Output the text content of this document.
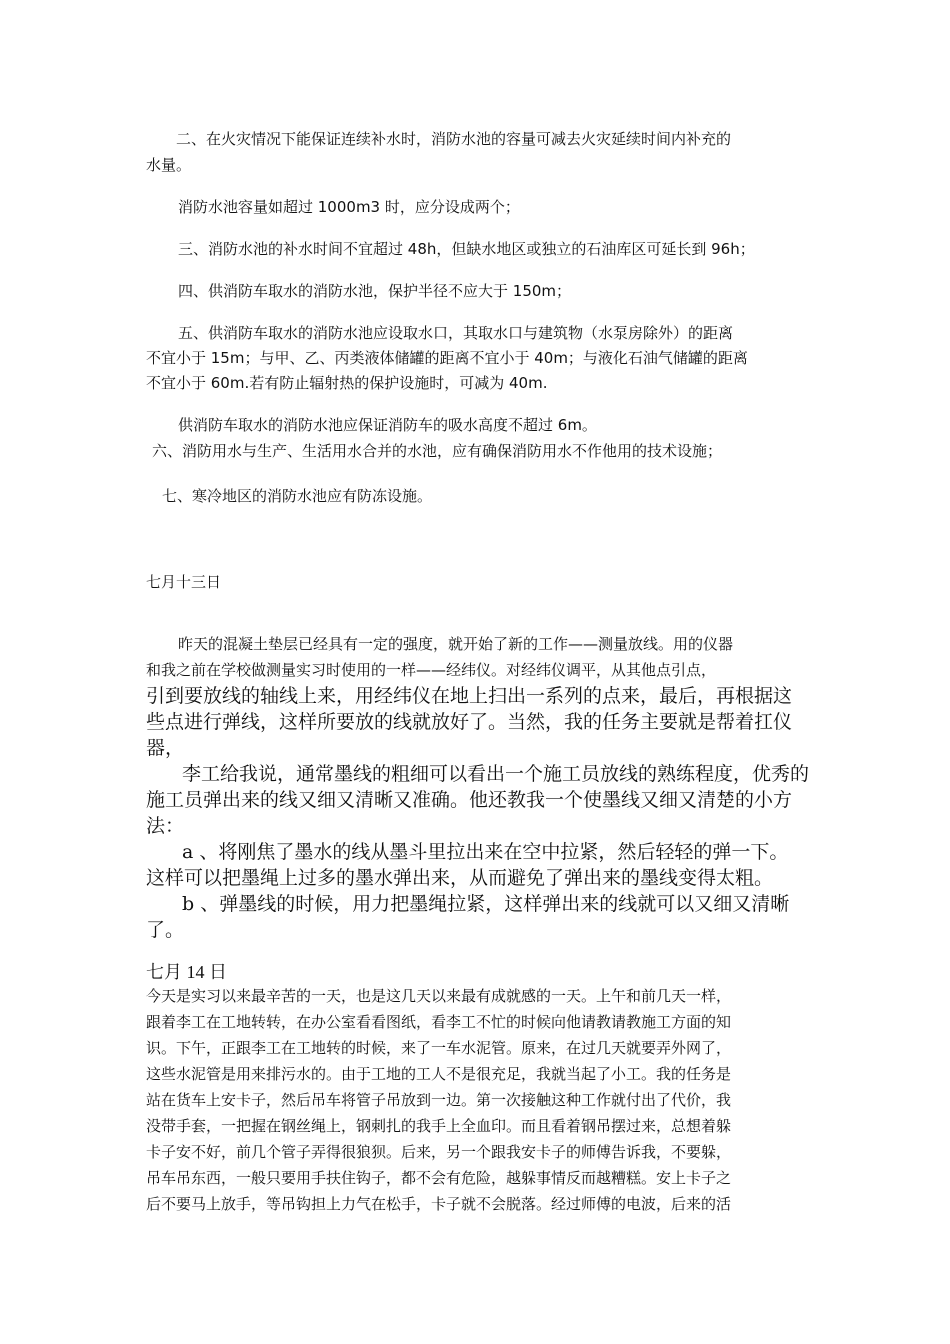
二、在火灾情况下能保证连续补水时，消防水池的容量可减去火灾延续时间内补充的

水量。

消防水池容量如超过 1000m3 时，应分设成两个；

三、消防水池的补水时间不宜超过 48h，但缺水地区或独立的石油库区可延长到 96h；

四、供消防车取水的消防水池，保护半径不应大于 150m；

五、供消防车取水的消防水池应设取水口，其取水口与建筑物（水泵房除外）的距离

不宜小于 15m；与甲、乙、丙类液体储罐的距离不宜小于 40m；与液化石油气储罐的距离

不宜小于 60m.若有防止辐射热的保护设施时，可减为 40m.

供消防车取水的消防水池应保证消防车的吸水高度不超过 6m。

六、消防用水与生产、生活用水合并的水池，应有确保消防用水不作他用的技术设施；

七、寒冷地区的消防水池应有防冻设施。

七月十三日

昨天的混凝土垫层已经具有一定的强度，就开始了新的工作——测量放线。用的仪器

和我之前在学校做测量实习时使用的一样——经纬仪。对经纬仪调平，从其他点引点，

引到要放线的轴线上来，用经纬仪在地上扫出一系列的点来，最后，再根据这

些点进行弹线，这样所要放的线就放好了。当然，我的任务主要就是帮着扛仪

器，

李工给我说，通常墨线的粗细可以看出一个施工员放线的熟练程度，优秀的

施工员弹出来的线又细又清晰又准确。他还教我一个使墨线又细又清楚的小方

法：

a 、将刚焦了墨水的线从墨斗里拉出来在空中拉紧，然后轻轻的弹一下。

这样可以把墨绳上过多的墨水弹出来，从而避免了弹出来的墨线变得太粗。

b 、弹墨线的时候，用力把墨绳拉紧，这样弹出来的线就可以又细又清晰

了。

七月 14 日

今天是实习以来最辛苦的一天，也是这几天以来最有成就感的一天。上午和前几天一样，
跟着李工在工地转转，在办公室看看图纸，看李工不忙的时候向他请教请教施工方面的知
识。下午，正跟李工在工地转的时候，来了一车水泥管。原来，在过几天就要弄外网了，
这些水泥管是用来排污水的。由于工地的工人不是很充足，我就当起了小工。我的任务是
站在货车上安卡子，然后吊车将管子吊放到一边。第一次接触这种工作就付出了代价，我
没带手套，一把握在钢丝绳上，钢刺扎的我手上全血印。而且看着钢吊摆过来，总想着躲
卡子安不好，前几个管子弄得很狼狈。后来，另一个跟我安卡子的师傅告诉我，不要躲，
吊车吊东西，一般只要用手扶住钩子，都不会有危险，越躲事情反而越糟糕。安上卡子之
后不要马上放手，等吊钩担上力气在松手，卡子就不会脱落。经过师傅的电波，后来的活
